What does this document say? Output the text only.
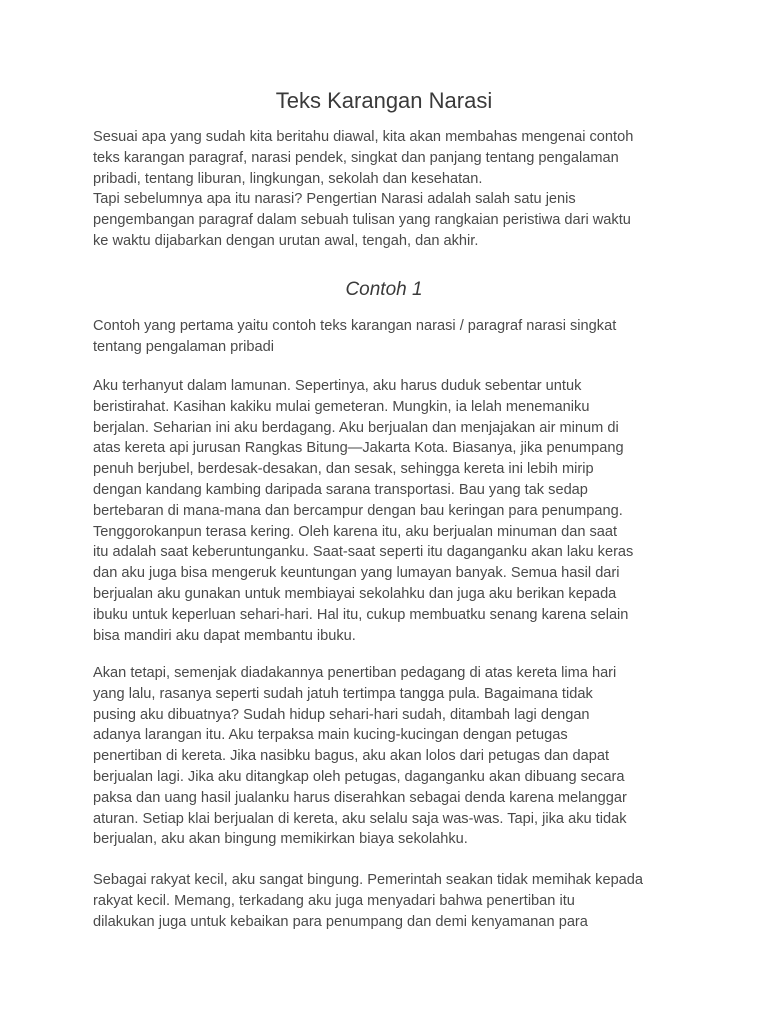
Teks Karangan Narasi
Sesuai apa yang sudah kita beritahu diawal, kita akan membahas mengenai contoh
teks karangan paragraf, narasi pendek, singkat dan panjang tentang pengalaman
pribadi, tentang liburan, lingkungan, sekolah dan kesehatan.
Tapi sebelumnya apa itu narasi? Pengertian Narasi adalah salah satu jenis
pengembangan paragraf dalam sebuah tulisan yang rangkaian peristiwa dari waktu
ke waktu dijabarkan dengan urutan awal, tengah, dan akhir.
Contoh 1
Contoh yang pertama yaitu contoh teks karangan narasi / paragraf narasi singkat
tentang pengalaman pribadi
Aku terhanyut dalam lamunan. Sepertinya, aku harus duduk sebentar untuk
beristirahat. Kasihan kakiku mulai gemeteran. Mungkin, ia lelah menemaniku
berjalan. Seharian ini aku berdagang. Aku berjualan dan menjajakan air minum di
atas kereta api jurusan Rangkas Bitung—Jakarta Kota. Biasanya, jika penumpang
penuh berjubel, berdesak-desakan, dan sesak, sehingga kereta ini lebih mirip
dengan kandang kambing daripada sarana transportasi. Bau yang tak sedap
bertebaran di mana-mana dan bercampur dengan bau keringan para penumpang.
Tenggorokanpun terasa kering. Oleh karena itu, aku berjualan minuman dan saat
itu adalah saat keberuntunganku. Saat-saat seperti itu daganganku akan laku keras
dan aku juga bisa mengeruk keuntungan yang lumayan banyak. Semua hasil dari
berjualan aku gunakan untuk membiayai sekolahku dan juga aku berikan kepada
ibuku untuk keperluan sehari-hari. Hal itu, cukup membuatku senang karena selain
bisa mandiri aku dapat membantu ibuku.
Akan tetapi, semenjak diadakannya penertiban pedagang di atas kereta lima hari
yang lalu, rasanya seperti sudah jatuh tertimpa tangga pula. Bagaimana tidak
pusing aku dibuatnya? Sudah hidup sehari-hari sudah, ditambah lagi dengan
adanya larangan itu. Aku terpaksa main kucing-kucingan dengan petugas
penertiban di kereta. Jika nasibku bagus, aku akan lolos dari petugas dan dapat
berjualan lagi. Jika aku ditangkap oleh petugas, daganganku akan dibuang secara
paksa dan uang hasil jualanku harus diserahkan sebagai denda karena melanggar
aturan. Setiap klai berjualan di kereta, aku selalu saja was-was. Tapi, jika aku tidak
berjualan, aku akan bingung memikirkan biaya sekolahku.
Sebagai rakyat kecil, aku sangat bingung. Pemerintah seakan tidak memihak kepada
rakyat kecil. Memang, terkadang aku juga menyadari bahwa penertiban itu
dilakukan juga untuk kebaikan para penumpang dan demi kenyamanan para
